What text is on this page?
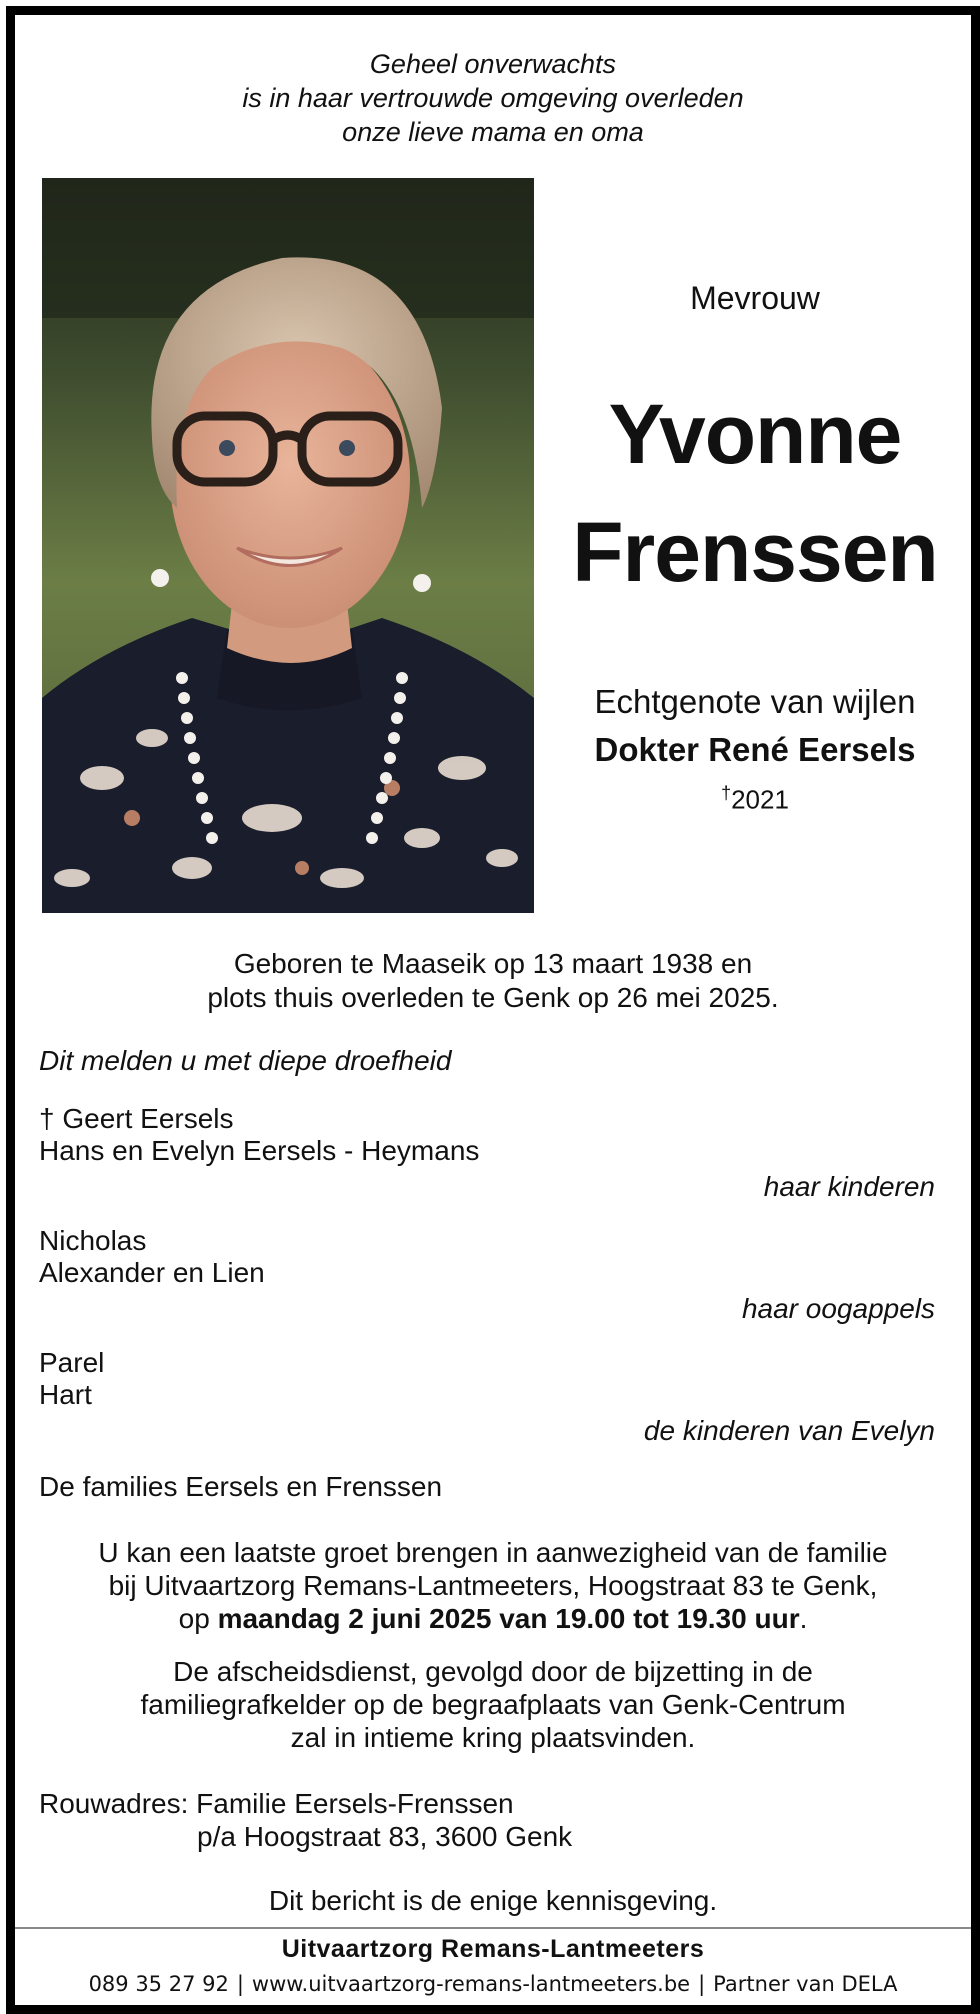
Geheel onverwachts
is in haar vertrouwde omgeving overleden
onze lieve mama en oma
Mevrouw
Yvonne
Frenssen
Echtgenote van wijlen
Dokter René Eersels
†2021
Geboren te Maaseik op 13 maart 1938 en
plots thuis overleden te Genk op 26 mei 2025.
Dit melden u met diepe droefheid
† Geert Eersels
Hans en Evelyn Eersels - Heymans
haar kinderen
Nicholas
Alexander en Lien
haar oogappels
Parel
Hart
de kinderen van Evelyn
De families Eersels en Frenssen
U kan een laatste groet brengen in aanwezigheid van de familie
bij Uitvaartzorg Remans-Lantmeeters, Hoogstraat 83 te Genk,
op maandag 2 juni 2025 van 19.00 tot 19.30 uur.
De afscheidsdienst, gevolgd door de bijzetting in de
familiegrafkelder op de begraafplaats van Genk-Centrum
zal in intieme kring plaatsvinden.
Rouwadres: Familie Eersels-Frenssen
p/a Hoogstraat 83, 3600 Genk
Dit bericht is de enige kennisgeving.
Uitvaartzorg Remans-Lantmeeters
089 35 27 92 | www.uitvaartzorg-remans-lantmeeters.be | Partner van DELA
